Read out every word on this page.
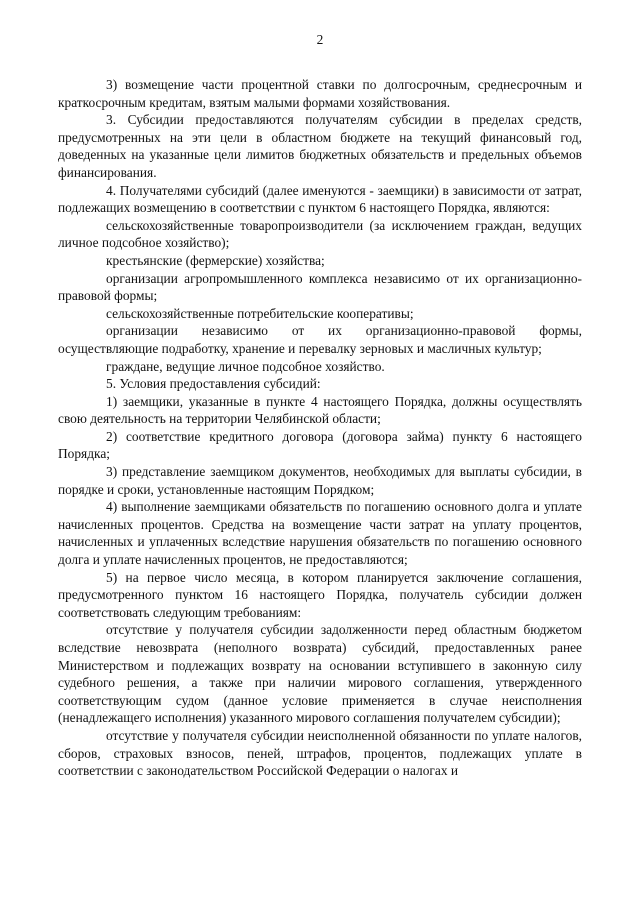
2

3) возмещение части процентной ставки по долгосрочным, среднесрочным и краткосрочным кредитам, взятым малыми формами хозяйствования.

3. Субсидии предоставляются получателям субсидии в пределах средств, предусмотренных на эти цели в областном бюджете на текущий финансовый год, доведенных на указанные цели лимитов бюджетных обязательств и предельных объемов финансирования.

4. Получателями субсидий (далее именуются - заемщики) в зависимости от затрат, подлежащих возмещению в соответствии с пунктом 6 настоящего Порядка, являются:

сельскохозяйственные товаропроизводители (за исключением граждан, ведущих личное подсобное хозяйство);

крестьянские (фермерские) хозяйства;

организации агропромышленного комплекса независимо от их организационно-правовой формы;

сельскохозяйственные потребительские кооперативы;

организации независимо от их организационно-правовой формы, осуществляющие подработку, хранение и перевалку зерновых и масличных культур;

граждане, ведущие личное подсобное хозяйство.

5. Условия предоставления субсидий:

1) заемщики, указанные в пункте 4 настоящего Порядка, должны осуществлять свою деятельность на территории Челябинской области;

2) соответствие кредитного договора (договора займа) пункту 6 настоящего Порядка;

3) представление заемщиком документов, необходимых для выплаты субсидии, в порядке и сроки, установленные настоящим Порядком;

4) выполнение заемщиками обязательств по погашению основного долга и уплате начисленных процентов. Средства на возмещение части затрат на уплату процентов, начисленных и уплаченных вследствие нарушения обязательств по погашению основного долга и уплате начисленных процентов, не предоставляются;

5) на первое число месяца, в котором планируется заключение соглашения, предусмотренного пунктом 16 настоящего Порядка, получатель субсидии должен соответствовать следующим требованиям:

отсутствие у получателя субсидии задолженности перед областным бюджетом вследствие невозврата (неполного возврата) субсидий, предоставленных ранее Министерством и подлежащих возврату на основании вступившего в законную силу судебного решения, а также при наличии мирового соглашения, утвержденного соответствующим судом (данное условие применяется в случае неисполнения (ненадлежащего исполнения) указанного мирового соглашения получателем субсидии);

отсутствие у получателя субсидии неисполненной обязанности по уплате налогов, сборов, страховых взносов, пеней, штрафов, процентов, подлежащих уплате в соответствии с законодательством Российской Федерации о налогах и
